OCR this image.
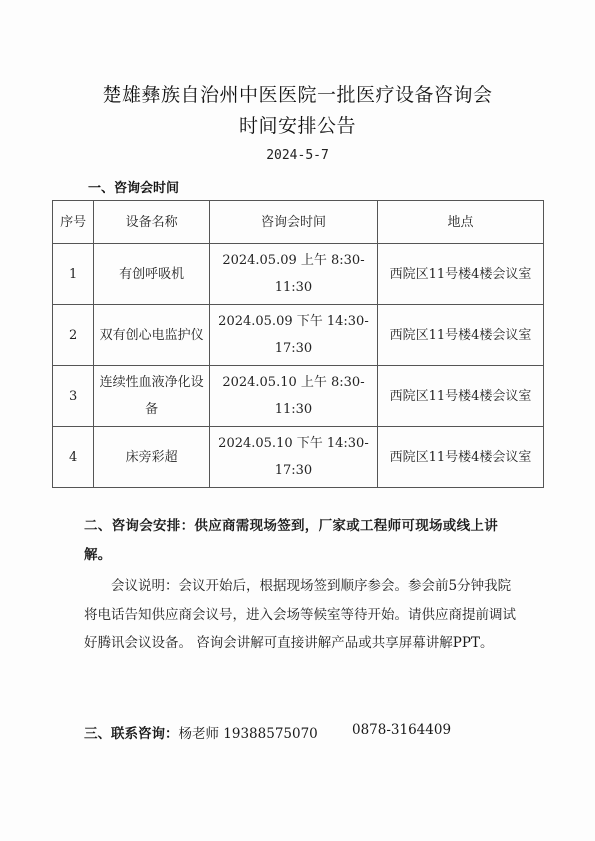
楚雄彝族自治州中医医院一批医疗设备咨询会
时间安排公告
2024-5-7
一、咨询会时间
序号	设备名称	咨询会时间	地点
1	有创呼吸机	2024.05.09 上午 8:30-11:30	西院区11号楼4楼会议室
2	双有创心电监护仪	2024.05.09 下午 14:30-17:30	西院区11号楼4楼会议室
3	连续性血液净化设备	2024.05.10 上午 8:30-11:30	西院区11号楼4楼会议室
4	床旁彩超	2024.05.10 下午 14:30-17:30	西院区11号楼4楼会议室
二、咨询会安排：供应商需现场签到，厂家或工程师可现场或线上讲解。
会议说明：会议开始后，根据现场签到顺序参会。参会前5分钟我院将电话告知供应商会议号，进入会场等候室等待开始。请供应商提前调试好腾讯会议设备。 咨询会讲解可直接讲解产品或共享屏幕讲解PPT。
三、联系咨询：杨老师 19388575070	0878-3164409
